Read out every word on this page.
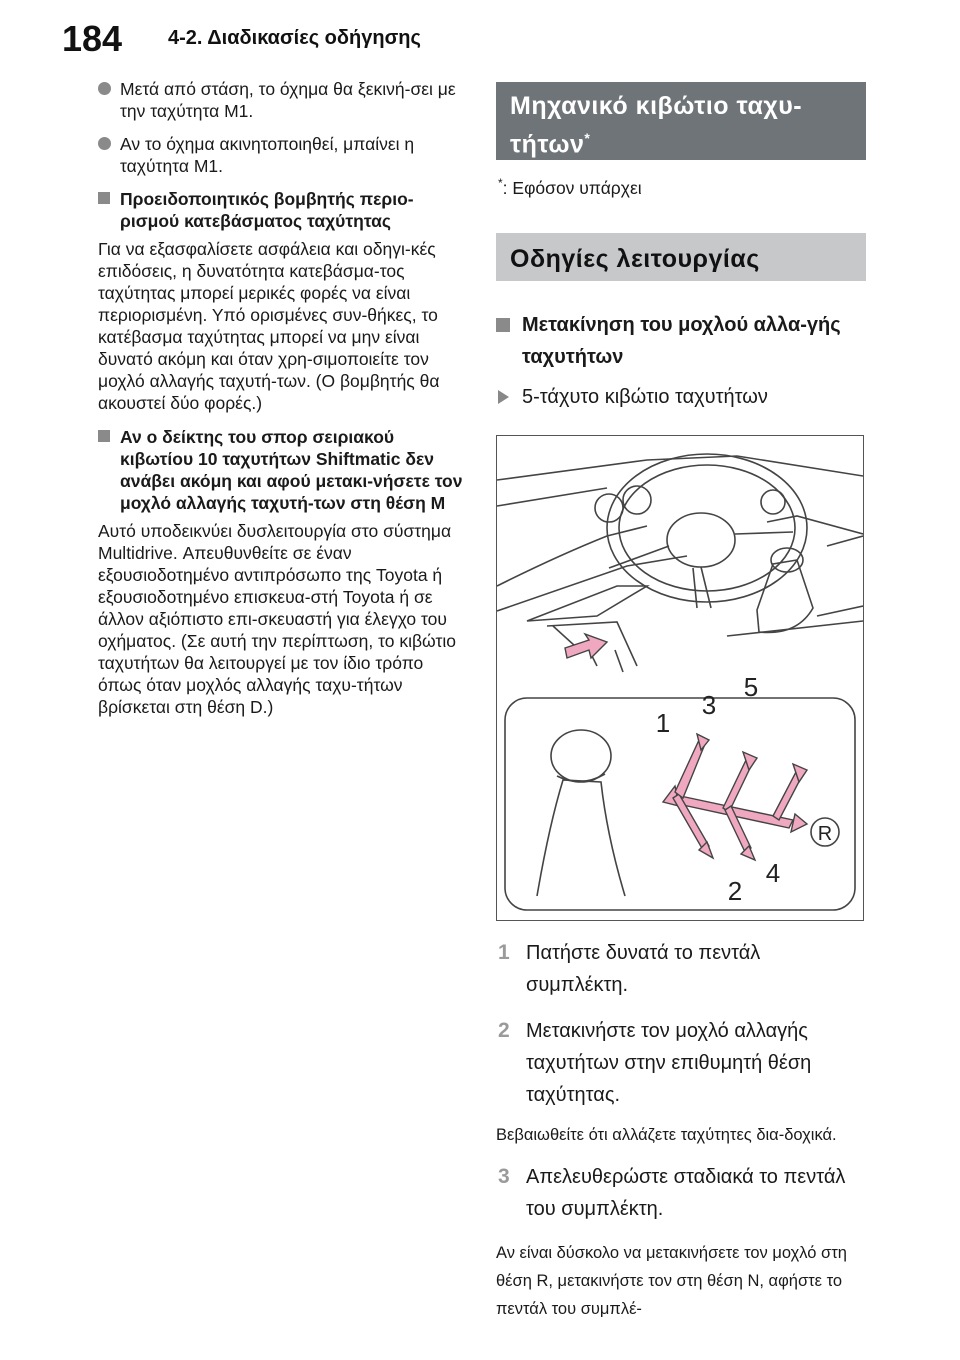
184 4-2. Διαδικασίες οδήγησης
Μετά από στάση, το όχημα θα ξεκινή-σει με την ταχύτητα M1.
Αν το όχημα ακινητοποιηθεί, μπαίνει η ταχύτητα M1.
Προειδοποιητικός βομβητής περιο-ρισμού κατεβάσματος ταχύτητας

Για να εξασφαλίσετε ασφάλεια και οδηγι-κές επιδόσεις, η δυνατότητα κατεβάσμα-τος ταχύτητας μπορεί μερικές φορές να είναι περιορισμένη. Υπό ορισμένες συν-θήκες, το κατέβασμα ταχύτητας μπορεί να μην είναι δυνατό ακόμη και όταν χρη-σιμοποιείτε τον μοχλό αλλαγής ταχυτή-των. (Ο βομβητής θα ακουστεί δύο φορές.)

Αν ο δείκτης του σπορ σειριακού κιβωτίου 10 ταχυτήτων Shiftmatic δεν ανάβει ακόμη και αφού μετακι-νήσετε τον μοχλό αλλαγής ταχυτή-των στη θέση M

Αυτό υποδεικνύει δυσλειτουργία στο σύστημα Multidrive. Απευθυνθείτε σε έναν εξουσιοδοτημένο αντιπρόσωπο της Toyota ή εξουσιοδοτημένο επισκευα-στή Toyota ή σε άλλον αξιόπιστο επι-σκευαστή για έλεγχο του οχήματος. (Σε αυτή την περίπτωση, το κιβώτιο ταχυτήτων θα λειτουργεί με τον ίδιο τρόπο όπως όταν μοχλός αλλαγής ταχυ-τήτων βρίσκεται στη θέση D.)

Μηχανικό κιβώτιο ταχυ-τήτων*
*: Εφόσον υπάρχει
Οδηγίες λειτουργίας
Μετακίνηση του μοχλού αλλα-γής ταχυτήτων
5-τάχυτο κιβώτιο ταχυτήτων
1
2
3
4
5
R
1 Πατήστε δυνατά το πεντάλ συμπλέκτη.
2 Μετακινήστε τον μοχλό αλλαγής ταχυτήτων στην επιθυμητή θέση ταχύτητας.

Βεβαιωθείτε ότι αλλάζετε ταχύτητες δια-δοχικά.

3 Απελευθερώστε σταδιακά το πεντάλ του συμπλέκτη.

Αν είναι δύσκολο να μετακινήσετε τον μοχλό στη θέση R, μετακινήστε τον στη θέση N, αφήστε το πεντάλ του συμπλέ-
